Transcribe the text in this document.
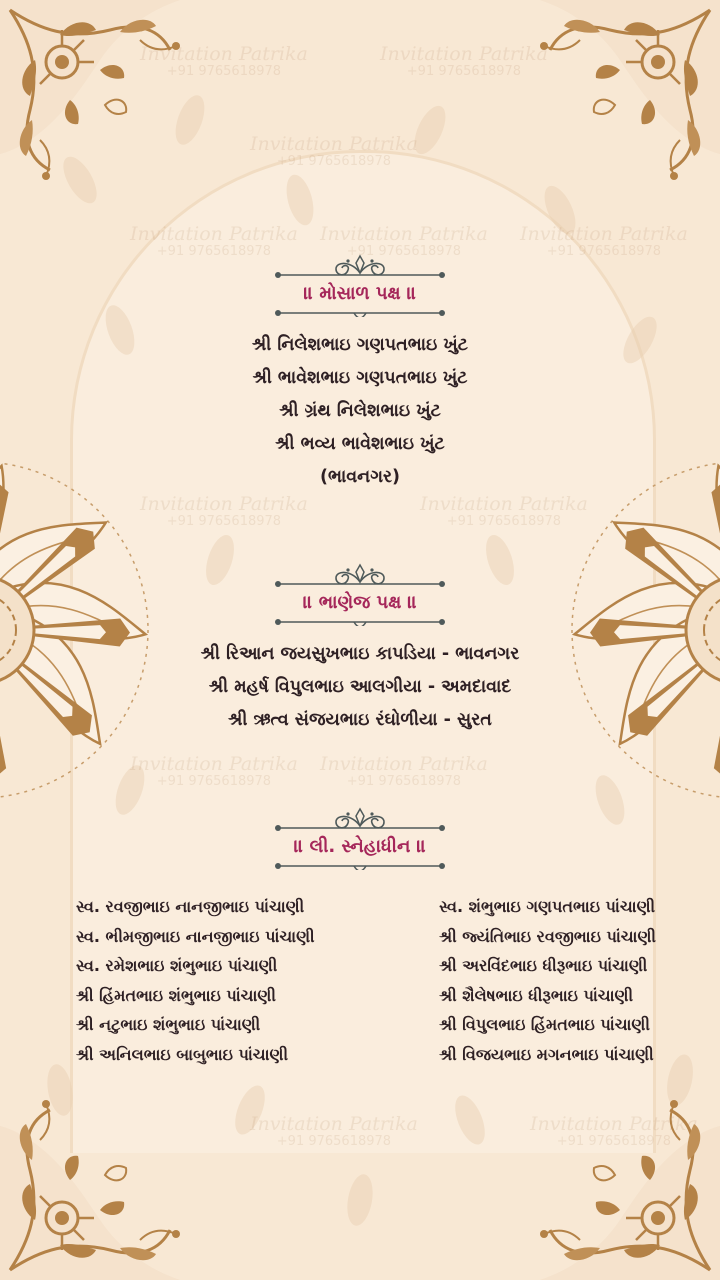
Invitation Patrika
+91 9765618978
Invitation Patrika
+91 9765618978
Invitation Patrika
Invitation Patrika
+91 9765618978
Patrika
॥ મોસાળ પક્ષ ॥

શ્રી નિલેશભાઇ ગણપતભાઇ ખુંટ

શ્રી ભાવેશભાઇ ગણપતભાઇ ખુંટ

શ્રી ગ્રંથ નિલેશભાઇ ખુંટ

શ્રી ભવ્ય ભાવેશભાઇ ખુંટ

(ભાવનગર)

॥ ભાણેજ પક્ષ ॥

શ્રી રિઆન જયસુખભાઇ કાપડિયા - ભાવનગર

શ્રી મહર્ષ વિપુલભાઇ આલગીયા - અમદાવાદ

શ્રી ઋત્વ સંજયભાઇ રંઘોળીયા - સુરત

॥ લી. સ્નેહાધીન ॥

સ્વ. રવજીભાઇ નાનજીભાઇ પાંચાણી

સ્વ. ભીમજીભાઇ નાનજીભાઇ પાંચાણી

સ્વ. રમેશભાઇ શંભુભાઇ પાંચાણી

શ્રી હિંમતભાઇ શંભુભાઇ પાંચાણી

શ્રી નટુભાઇ શંભુભાઇ પાંચાણી

શ્રી અનિલભાઇ બાબુભાઇ પાંચાણી

સ્વ. શંભુભાઇ ગણપતભાઇ પાંચાણી

શ્રી જ્યંતિભાઇ રવજીભાઇ પાંચાણી

શ્રી અરવિંદભાઇ ધીરૂભાઇ પાંચાણી

શ્રી શૈલેષભાઇ ધીરૂભાઇ પાંચાણી

શ્રી વિપુલભાઇ હિંમતભાઇ પાંચાણી

શ્રી વિજયભાઇ મગનભાઇ પાંચાણી
